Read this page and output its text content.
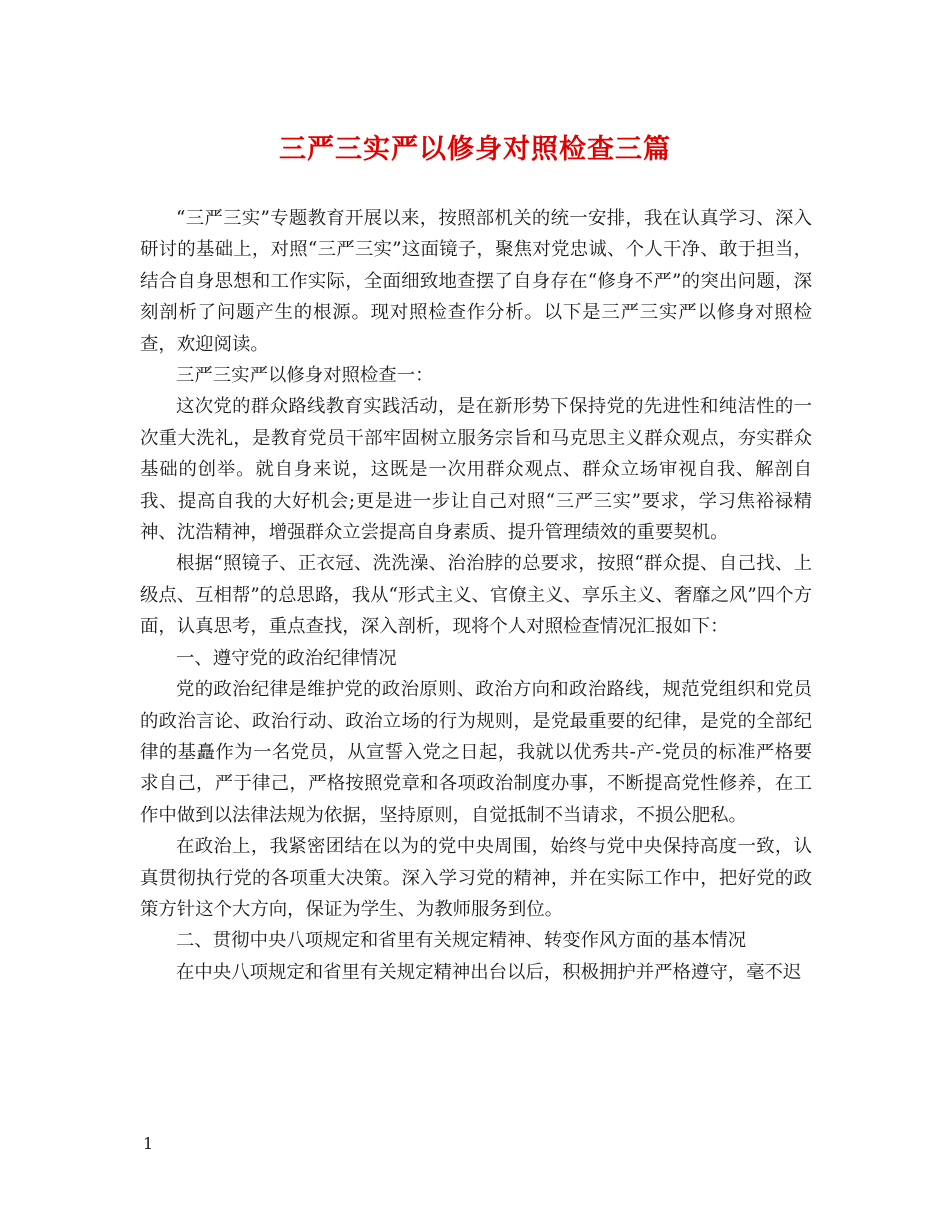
三严三实严以修身对照检查三篇

“三严三实”专题教育开展以来，按照部机关的统一安排，我在认真学习、深入研讨的基础上，对照“三严三实”这面镜子，聚焦对党忠诚、个人干净、敢于担当，结合自身思想和工作实际，全面细致地查摆了自身存在“修身不严”的突出问题，深刻剖析了问题产生的根源。现对照检查作分析。以下是三严三实严以修身对照检查，欢迎阅读。

三严三实严以修身对照检查一：

这次党的群众路线教育实践活动，是在新形势下保持党的先进性和纯洁性的一次重大洗礼，是教育党员干部牢固树立服务宗旨和马克思主义群众观点，夯实群众基础的创举。就自身来说，这既是一次用群众观点、群众立场审视自我、解剖自我、提高自我的大好机会;更是进一步让自己对照“三严三实”要求，学习焦裕禄精神、沈浩精神，增强群众立尝提高自身素质、提升管理绩效的重要契机。

根据“照镜子、正衣冠、洗洗澡、治治脖的总要求，按照“群众提、自己找、上级点、互相帮”的总思路，我从“形式主义、官僚主义、享乐主义、奢靡之风”四个方面，认真思考，重点查找，深入剖析，现将个人对照检查情况汇报如下：

一、遵守党的政治纪律情况

党的政治纪律是维护党的政治原则、政治方向和政治路线，规范党组织和党员的政治言论、政治行动、政治立场的行为规则，是党最重要的纪律，是党的全部纪律的基矗作为一名党员，从宣誓入党之日起，我就以优秀共-产-党员的标准严格要求自己，严于律己，严格按照党章和各项政治制度办事，不断提高党性修养，在工作中做到以法律法规为依据，坚持原则，自觉抵制不当请求，不损公肥私。

在政治上，我紧密团结在以为的党中央周围，始终与党中央保持高度一致，认真贯彻执行党的各项重大决策。深入学习党的精神，并在实际工作中，把好党的政策方针这个大方向，保证为学生、为教师服务到位。

二、贯彻中央八项规定和省里有关规定精神、转变作风方面的基本情况

在中央八项规定和省里有关规定精神出台以后，积极拥护并严格遵守，毫不迟

1
